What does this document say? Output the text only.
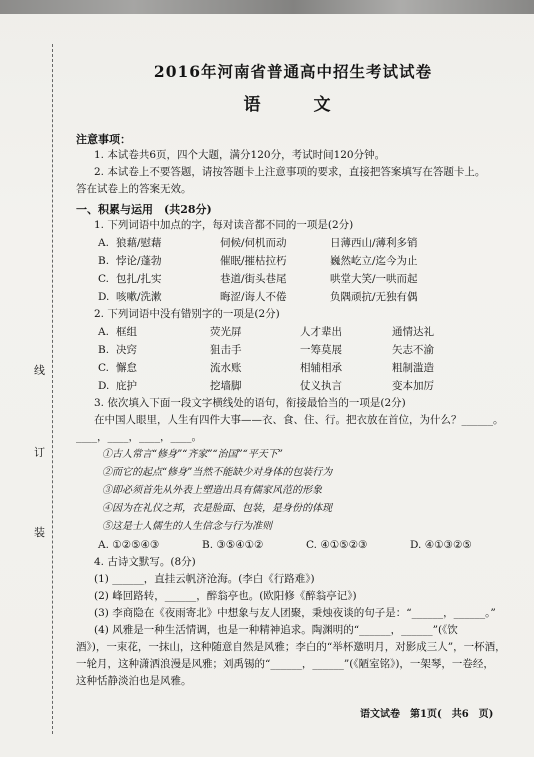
线
订
装
2016年河南省普通高中招生考试试卷
语　文
注意事项：
1. 本试卷共6页，四个大题，满分120分，考试时间120分钟。
2. 本试卷上不要答题，请按答题卡上注意事项的要求，直接把答案填写在答题卡上。
答在试卷上的答案无效。
一、积累与运用　(共28分)
1. 下列词语中加点的字，每对读音都不同的一项是(2分)
A. 狼藉/慰藉	伺候/伺机而动	日薄西山/薄利多销
B. 悖论/蓬勃	催眠/摧枯拉朽	巍然屹立/迄今为止
C. 包扎/扎实	巷道/街头巷尾	哄堂大笑/一哄而起
D. 咳嗽/洗漱	晦涩/诲人不倦	负隅顽抗/无独有偶
2. 下列词语中没有错别字的一项是(2分)
A. 框组	荧光屏	人才辈出	通情达礼
B. 决窍	狙击手	一筹莫展	矢志不渝
C. 懈怠	流水账	相辅相承	粗制滥造
D. 庇护	挖墙脚	仗义执言	变本加厉
3. 依次填入下面一段文字横线处的语句，衔接最恰当的一项是(2分)
在中国人眼里，人生有四件大事——衣、食、住、行。把衣放在首位，为什么？______。
____，____，____，____。
①古人常言“修身”“齐家”“治国”“平天下”
②而它的起点“修身”当然不能缺少对身体的包装行为
③即必须首先从外表上塑造出具有儒家风范的形象
④因为在礼仪之邦，衣是脸面、包装，是身份的体现
⑤这是士人儒生的人生信念与行为准则
A. ①②⑤④③	B. ③⑤④①②	C. ④①⑤②③	D. ④①③②⑤
4. 古诗文默写。(8分)
(1) ______，直挂云帆济沧海。(李白《行路难》)
(2) 峰回路转，______，醉翁亭也。(欧阳修《醉翁亭记》)
(3) 李商隐在《夜雨寄北》中想象与友人团聚，秉烛夜谈的句子是：“______，______。”
(4) 风雅是一种生活情调，也是一种精神追求。陶渊明的“______，______”(《饮
酒》)，一束花，一抹山，这种随意自然是风雅；李白的“举杯邀明月，对影成三人”，一杯酒，
一轮月，这种潇洒浪漫是风雅；刘禹锡的“______，______”(《陋室铭》)，一架琴，一卷经，
这种恬静淡泊也是风雅。
语文试卷　第1页(　共6　页)
